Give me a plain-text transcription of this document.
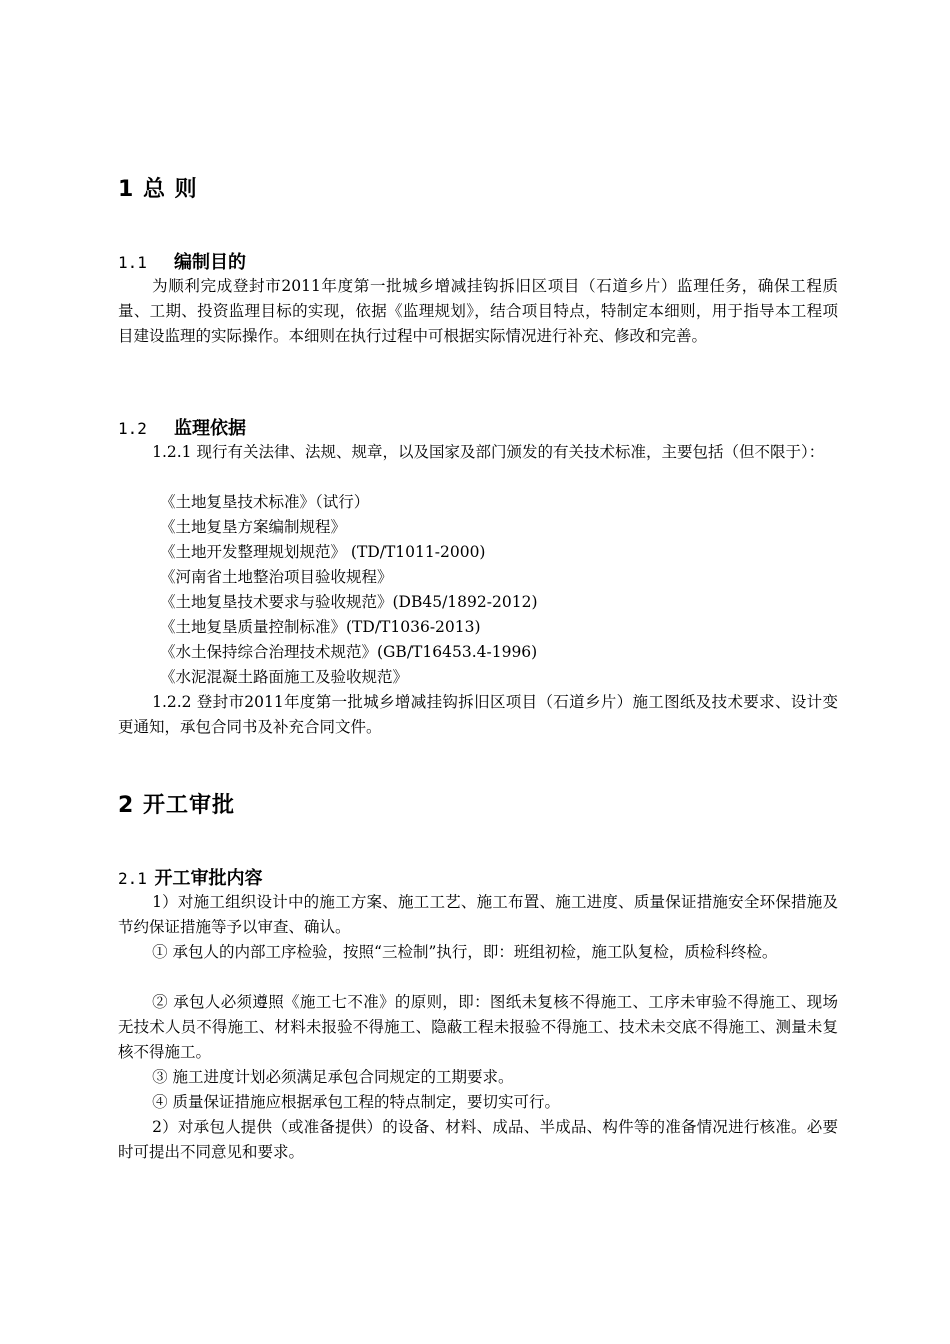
1 总 则
1.1 编制目的
为顺利完成登封市2011年度第一批城乡增减挂钩拆旧区项目（石道乡片）监理任务，确保工程质量、工期、投资监理目标的实现，依据《监理规划》，结合项目特点，特制定本细则，用于指导本工程项目建设监理的实际操作。本细则在执行过程中可根据实际情况进行补充、修改和完善。
1.2 监理依据
1.2.1 现行有关法律、法规、规章，以及国家及部门颁发的有关技术标准，主要包括（但不限于）：
《土地复垦技术标准》（试行）
《土地复垦方案编制规程》
《土地开发整理规划规范》 (TD/T1011-2000)
《河南省土地整治项目验收规程》
《土地复垦技术要求与验收规范》(DB45/1892-2012)
《土地复垦质量控制标准》(TD/T1036-2013)
《水土保持综合治理技术规范》(GB/T16453.4-1996)
《水泥混凝土路面施工及验收规范》
1.2.2 登封市2011年度第一批城乡增减挂钩拆旧区项目（石道乡片）施工图纸及技术要求、设计变更通知，承包合同书及补充合同文件。
2 开工审批
2.1 开工审批内容
1）对施工组织设计中的施工方案、施工工艺、施工布置、施工进度、质量保证措施安全环保措施及节约保证措施等予以审查、确认。
① 承包人的内部工序检验，按照“三检制”执行，即：班组初检，施工队复检，质检科终检。
② 承包人必须遵照《施工七不准》的原则，即：图纸未复核不得施工、工序未审验不得施工、现场无技术人员不得施工、材料未报验不得施工、隐蔽工程未报验不得施工、技术未交底不得施工、测量未复核不得施工。
③ 施工进度计划必须满足承包合同规定的工期要求。
④ 质量保证措施应根据承包工程的特点制定，要切实可行。
2）对承包人提供（或准备提供）的设备、材料、成品、半成品、构件等的准备情况进行核准。必要时可提出不同意见和要求。
